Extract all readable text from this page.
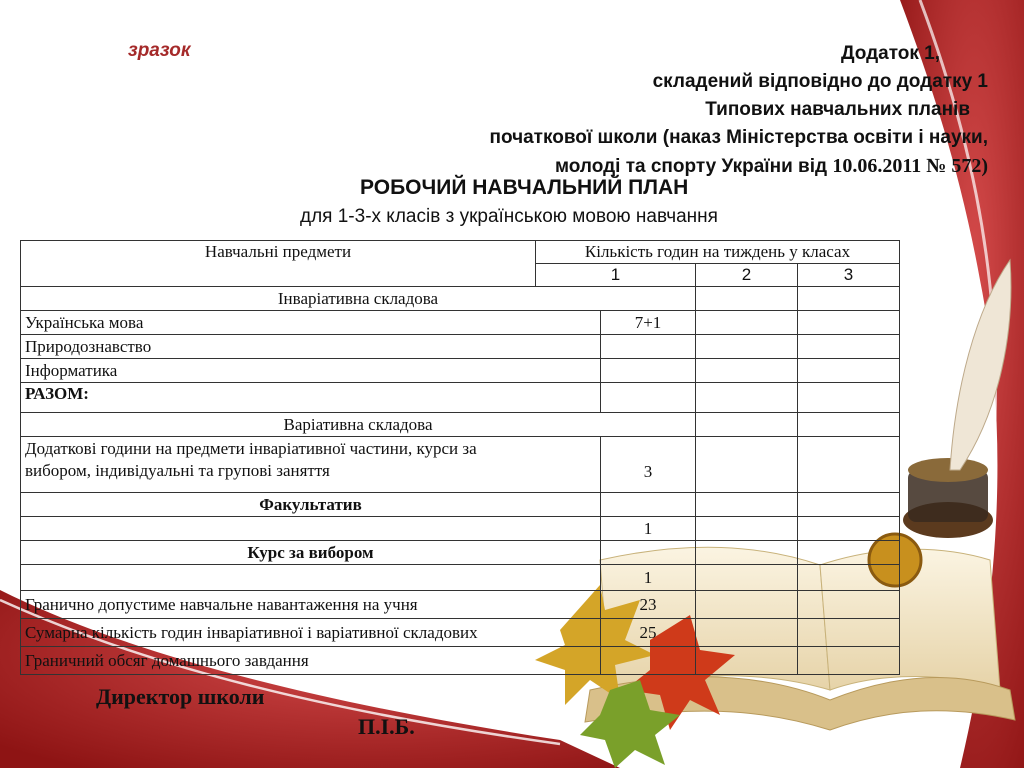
зразок	Додаток 1,
складений відповідно до додатку 1
Типових навчальних планів
початкової школи (наказ Міністерства освіти і науки,
молоді та спорту України від 10.06.2011 № 572)
РОБОЧИЙ НАВЧАЛЬНИЙ ПЛАН
для 1-3-х класів з українською мовою навчання
Навчальні предмети	Кількість годин на тиждень у класах			
	1		2	3
Інваріативна складова				
Українська мова		7+1		
Природознавство				
Інформатика				
РАЗОМ:				
Варіативна складова				
Додаткові години на предмети інваріативної частини, курси за
вибором, індивідуальні та групові заняття		3		
Факультатив				
		1		
Курс за вибором				
		1		
Гранично допустиме навчальне навантаження на учня		23		
Сумарна кількість годин інваріативної і варіативної складових		25		
Граничний обсяг домашнього завдання				
Директор школи
П.І.Б.
